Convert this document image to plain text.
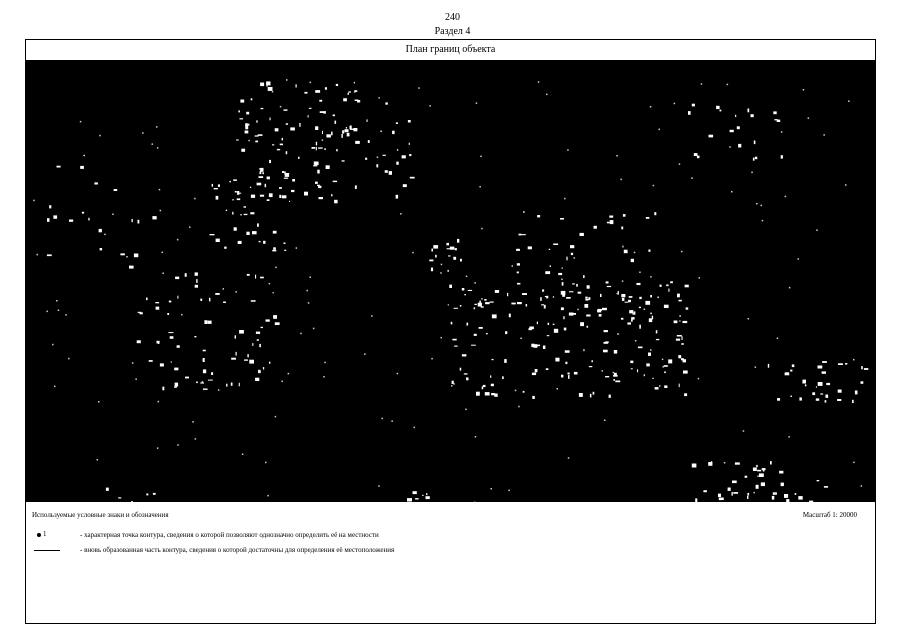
240
Раздел 4
План границ объекта
Используемые условные знаки и обозначения	Масштаб 1: 20000
1	- характерная точка контура, сведения о которой позволяют однозначно определить её на местности
- вновь образованная часть контура, сведения о которой достаточны для определения её местоположения
